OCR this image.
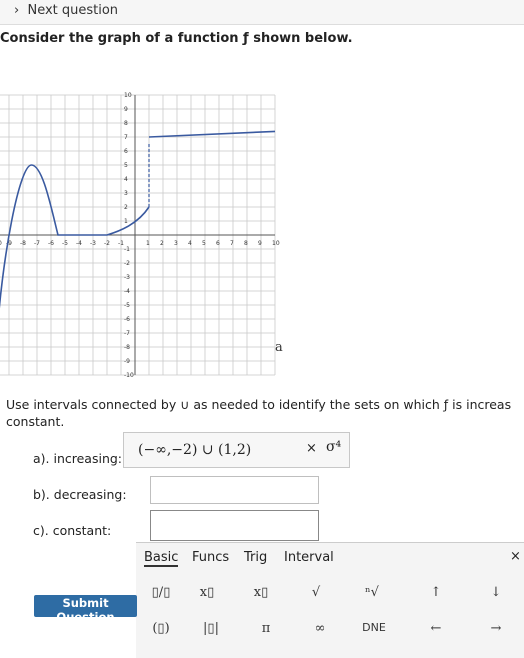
› Next question
Consider the graph of a function ƒ shown below.
-9 -8 -7 -6 -5 -4 -3 -2 -1	1 2 3 4 5 6 7 8 9 10
10
9
8
7
6
5
4
3
2
1
-1
-2
-3
-4
-5
-6
-7
-8
-9
-10
a
Use intervals connected by ∪ as needed to identify the sets on which ƒ is increas
constant.
a). increasing:
(−∞,−2) ∪ (1,2)	× σ⁴
b). decreasing:
c). constant:
Basic Funcs Trig Interval	×
▯/▯	x▯	x▯	√	ⁿ√	↑	↓
(▯)	|▯|	π	∞	DNE	←	→
Submit Question
